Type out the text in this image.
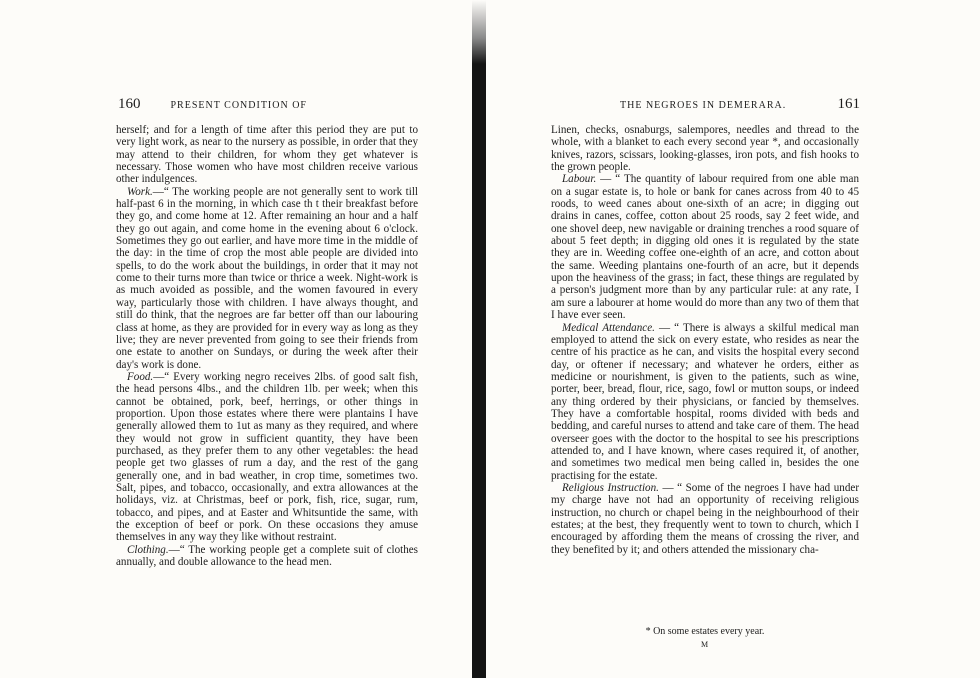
160	PRESENT CONDITION OF	THE NEGROES IN DEMERARA.	161

herself; and for a length of time after this period they are put to very light work, as near to the nursery as possible, in order that they may attend to their children, for whom they get whatever is necessary. Those women who have most children receive various other indulgences.

Work.—“ The working people are not generally sent to work till half-past 6 in the morning, in which case th t their breakfast before they go, and come home at 12. After remaining an hour and a half they go out again, and come home in the evening about 6 o'clock. Sometimes they go out earlier, and have more time in the middle of the day: in the time of crop the most able people are divided into spells, to do the work about the buildings, in order that it may not come to their turns more than twice or thrice a week. Night-work is as much avoided as possible, and the women favoured in every way, particularly those with children. I have always thought, and still do think, that the negroes are far better off than our labouring class at home, as they are provided for in every way as long as they live; they are never prevented from going to see their friends from one estate to another on Sundays, or during the week after their day's work is done.

Food.—“ Every working negro receives 2lbs. of good salt fish, the head persons 4lbs., and the children 1lb. per week; when this cannot be obtained, pork, beef, herrings, or other things in proportion. Upon those estates where there were plantains I have generally allowed them to 1ut as many as they required, and where they would not grow in sufficient quantity, they have been purchased, as they prefer them to any other vegetables: the head people get two glasses of rum a day, and the rest of the gang generally one, and in bad weather, in crop time, sometimes two. Salt, pipes, and tobacco, occasionally, and extra allowances at the holidays, viz. at Christmas, beef or pork, fish, rice, sugar, rum, tobacco, and pipes, and at Easter and Whitsuntide the same, with the exception of beef or pork. On these occasions they amuse themselves in any way they like without restraint.

Clothing.—“ The working people get a complete suit of clothes annually, and double allowance to the head men.

Linen, checks, osnaburgs, salempores, needles and thread to the whole, with a blanket to each every second year *, and occasionally knives, razors, scissars, looking-glasses, iron pots, and fish hooks to the grown people.

Labour. — “ The quantity of labour required from one able man on a sugar estate is, to hole or bank for canes across from 40 to 45 roods, to weed canes about one-sixth of an acre; in digging out drains in canes, coffee, cotton about 25 roods, say 2 feet wide, and one shovel deep, new navigable or draining trenches a rood square of about 5 feet depth; in digging old ones it is regulated by the state they are in. Weeding coffee one-eighth of an acre, and cotton about the same. Weeding plantains one-fourth of an acre, but it depends upon the heaviness of the grass; in fact, these things are regulated by a person's judgment more than by any particular rule: at any rate, I am sure a labourer at home would do more than any two of them that I have ever seen.

Medical Attendance. — “ There is always a skilful medical man employed to attend the sick on every estate, who resides as near the centre of his practice as he can, and visits the hospital every second day, or oftener if necessary; and whatever he orders, either as medicine or nourishment, is given to the patients, such as wine, porter, beer, bread, flour, rice, sago, fowl or mutton soups, or indeed any thing ordered by their physicians, or fancied by themselves. They have a comfortable hospital, rooms divided with beds and bedding, and careful nurses to attend and take care of them. The head overseer goes with the doctor to the hospital to see his prescriptions attended to, and I have known, where cases required it, of another, and sometimes two medical men being called in, besides the one practising for the estate.

Religious Instruction. — “ Some of the negroes I have had under my charge have not had an opportunity of receiving religious instruction, no church or chapel being in the neighbourhood of their estates; at the best, they frequently went to town to church, which I encouraged by affording them the means of crossing the river, and they benefited by it; and others attended the missionary cha-

* On some estates every year.
M
